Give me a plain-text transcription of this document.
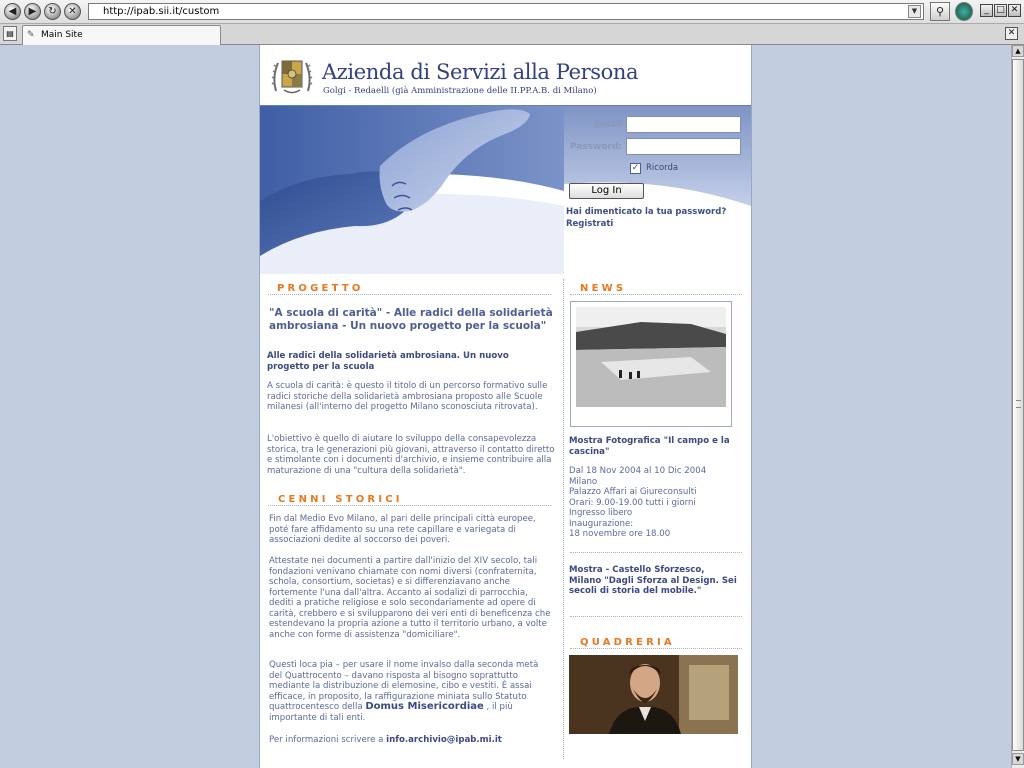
◀	▶	↻	✕	http://ipab.sii.it/custom	▼	⚲	_ □ ✕
▤	✎ Main Site	✕
Azienda di Servizi alla Persona
Golgi - Redaelli (già Amministrazione delle II.PP.A.B. di Milano)
Email
Password:
✓ Ricorda
Log In
Hai dimenticato la tua password?
Registrati
PROGETTO
"A scuola di carità" - Alle radici della solidarietà ambrosiana - Un nuovo progetto per la scuola"
Alle radici della solidarietà ambrosiana. Un nuovo progetto per la scuola
A scuola di carità: è questo il titolo di un percorso formativo sulle radici storiche della solidarietà ambrosiana proposto alle Scuole milanesi (all'interno del progetto Milano sconosciuta ritrovata).
L'obiettivo è quello di aiutare lo sviluppo della consapevolezza storica, tra le generazioni più giovani, attraverso il contatto diretto e stimolante con i documenti d'archivio, e insieme contribuire alla maturazione di una "cultura della solidarietà".
CENNI STORICI
Fin dal Medio Evo Milano, al pari delle principali città europee, poté fare affidamento su una rete capillare e variegata di associazioni dedite al soccorso dei poveri.
Attestate nei documenti a partire dall'inizio del XIV secolo, tali fondazioni venivano chiamate con nomi diversi (confraternita, schola, consortium, societas) e si differenziavano anche fortemente l'una dall'altra. Accanto ai sodalizi di parrocchia, dediti a pratiche religiose e solo secondariamente ad opere di carità, crebbero e si svilupparono dei veri enti di beneficenza che estendevano la propria azione a tutto il territorio urbano, a volte anche con forme di assistenza "domiciliare".
Questi loca pia – per usare il nome invalso dalla seconda metà del Quattrocento – davano risposta al bisogno soprattutto mediante la distribuzione di elemosine, cibo e vestiti. È assai efficace, in proposito, la raffigurazione miniata sullo Statuto quattrocentesco della Domus Misericordiae , il più importante di tali enti.
Per informazioni scrivere a info.archivio@ipab.mi.it
NEWS
Mostra Fotografica "Il campo e la cascina"
Dal 18 Nov 2004 al 10 Dic 2004
Milano
Palazzo Affari ai Giureconsulti
Orari: 9.00-19.00 tutti i giorni
Ingresso libero
Inaugurazione:
18 novembre ore 18.00
Mostra - Castello Sforzesco, Milano "Dagli Sforza al Design. Sei secoli di storia del mobile."
QUADRERIA
▲
▼
